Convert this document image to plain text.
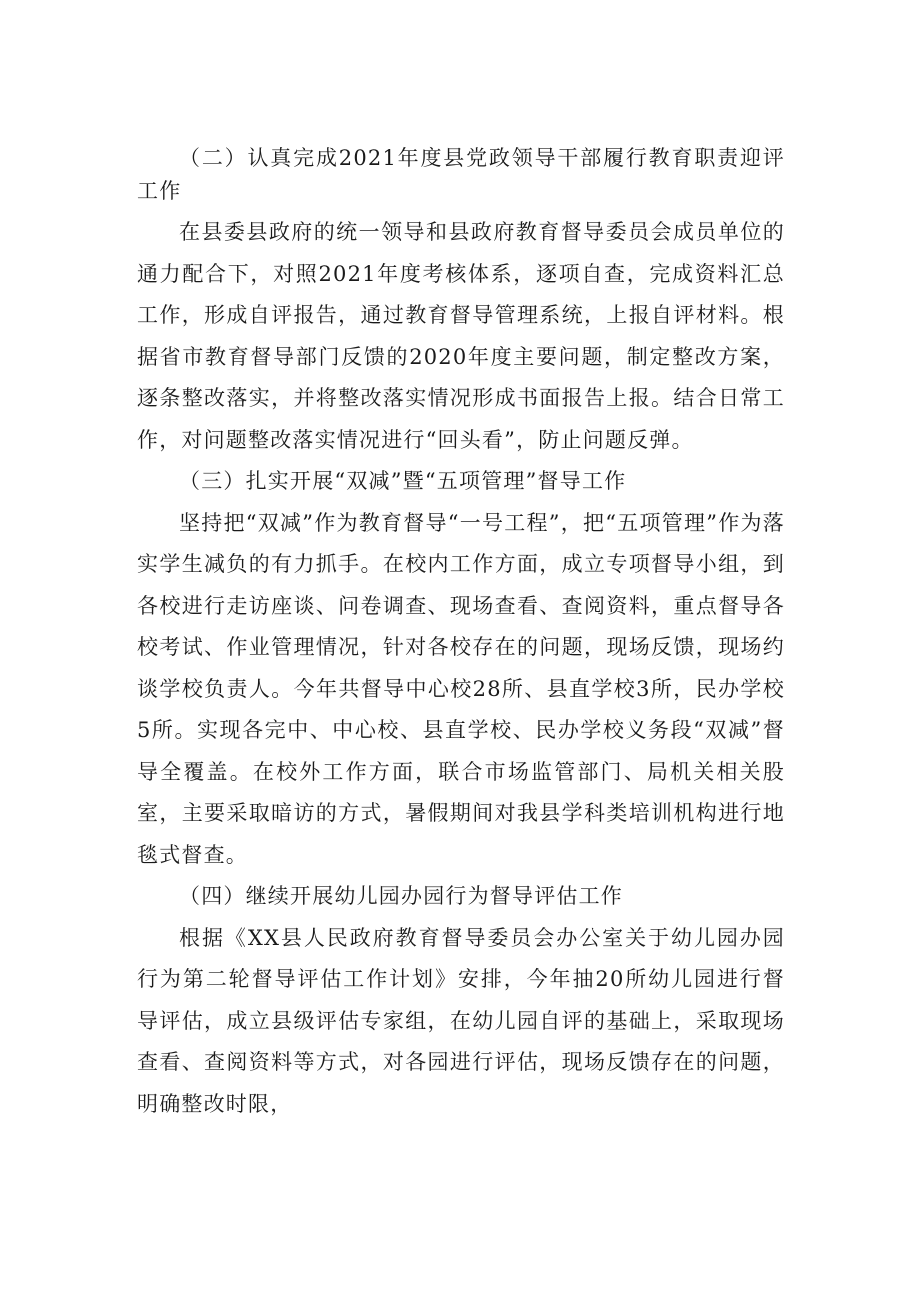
（二）认真完成2021年度县党政领导干部履行教育职责迎评工作

在县委县政府的统一领导和县政府教育督导委员会成员单位的通力配合下，对照2021年度考核体系，逐项自查，完成资料汇总工作，形成自评报告，通过教育督导管理系统，上报自评材料。根据省市教育督导部门反馈的2020年度主要问题，制定整改方案，逐条整改落实，并将整改落实情况形成书面报告上报。结合日常工作，对问题整改落实情况进行“回头看”，防止问题反弹。

（三）扎实开展“双减”暨“五项管理”督导工作

坚持把“双减”作为教育督导“一号工程”，把“五项管理”作为落实学生减负的有力抓手。在校内工作方面，成立专项督导小组，到各校进行走访座谈、问卷调查、现场查看、查阅资料，重点督导各校考试、作业管理情况，针对各校存在的问题，现场反馈，现场约谈学校负责人。今年共督导中心校28所、县直学校3所，民办学校5所。实现各完中、中心校、县直学校、民办学校义务段“双减”督导全覆盖。在校外工作方面，联合市场监管部门、局机关相关股室，主要采取暗访的方式，暑假期间对我县学科类培训机构进行地毯式督查。

（四）继续开展幼儿园办园行为督导评估工作

根据《XX县人民政府教育督导委员会办公室关于幼儿园办园行为第二轮督导评估工作计划》安排，今年抽20所幼儿园进行督导评估，成立县级评估专家组，在幼儿园自评的基础上，采取现场查看、查阅资料等方式，对各园进行评估，现场反馈存在的问题，明确整改时限，
